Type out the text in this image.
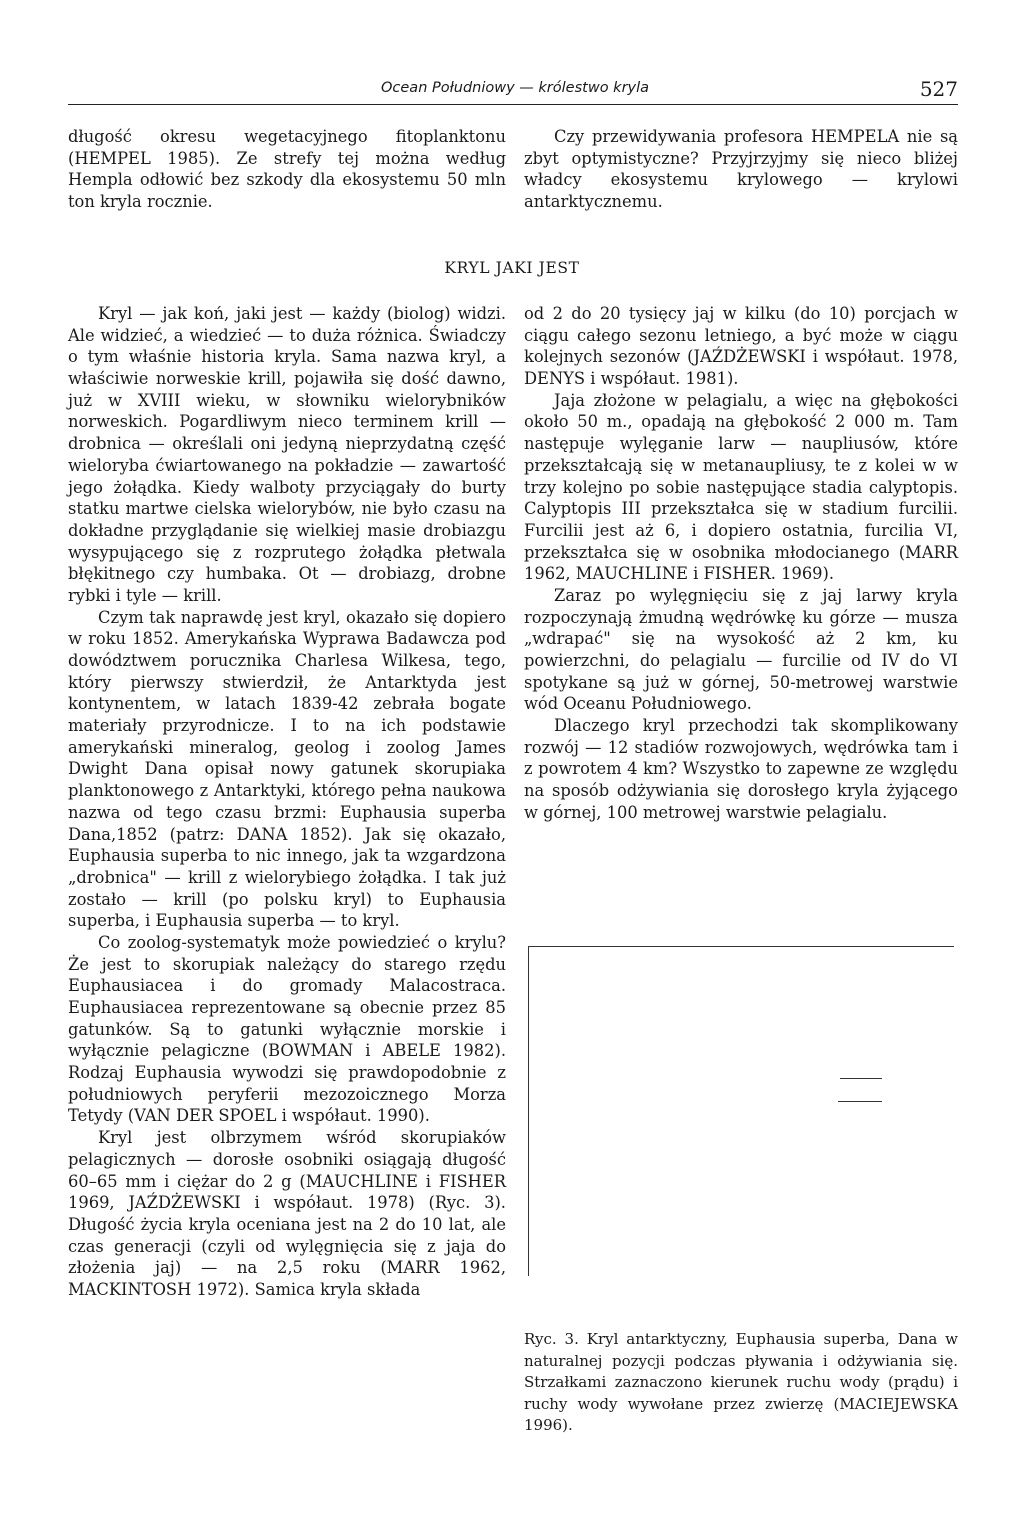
Ocean Południowy — królestwo kryla	527

długość okresu wegetacyjnego fitoplanktonu (HEMPEL 1985). Ze strefy tej można według Hempla odłowić bez szkody dla ekosystemu 50 mln ton kryla rocznie.

Czy przewidywania profesora HEMPELA nie są zbyt optymistyczne? Przyjrzyjmy się nieco bliżej władcy ekosystemu krylowego — krylowi antarktycznemu.

KRYL JAKI JEST

Kryl — jak koń, jaki jest — każdy (biolog) widzi. Ale widzieć, a wiedzieć — to duża różnica. Świadczy o tym właśnie historia kryla. Sama nazwa kryl, a właściwie norweskie krill, pojawiła się dość dawno, już w XVIII wieku, w słowniku wielorybników norweskich. Pogardliwym nieco terminem krill — drobnica — określali oni jedyną nieprzydatną część wieloryba ćwiartowanego na pokładzie — zawartość jego żołądka. Kiedy walboty przyciągały do burty statku martwe cielska wielorybów, nie było czasu na dokładne przyglądanie się wielkiej masie drobiazgu wysypującego się z rozprutego żołądka płetwala błękitnego czy humbaka. Ot — drobiazg, drobne rybki i tyle — krill.

Czym tak naprawdę jest kryl, okazało się dopiero w roku 1852. Amerykańska Wyprawa Badawcza pod dowództwem porucznika Charlesa Wilkesa, tego, który pierwszy stwierdził, że Antarktyda jest kontynentem, w latach 1839-42 zebrała bogate materiały przyrodnicze. I to na ich podstawie amerykański mineralog, geolog i zoolog James Dwight Dana opisał nowy gatunek skorupiaka planktonowego z Antarktyki, którego pełna naukowa nazwa od tego czasu brzmi: Euphausia superba Dana,1852 (patrz: DANA 1852). Jak się okazało, Euphausia superba to nic innego, jak ta wzgardzona „drobnica" — krill z wielorybiego żołądka. I tak już zostało — krill (po polsku kryl) to Euphausia superba, i Euphausia superba — to kryl.

Co zoolog-systematyk może powiedzieć o krylu? Że jest to skorupiak należący do starego rzędu Euphausiacea i do gromady Malacostraca. Euphausiacea reprezentowane są obecnie przez 85 gatunków. Są to gatunki wyłącznie morskie i wyłącznie pelagiczne (BOWMAN i ABELE 1982). Rodzaj Euphausia wywodzi się prawdopodobnie z południowych peryferii mezozoicznego Morza Tetydy (VAN DER SPOEL i współaut. 1990).

Kryl jest olbrzymem wśród skorupiaków pelagicznych — dorosłe osobniki osiągają długość 60–65 mm i ciężar do 2 g (MAUCHLINE i FISHER 1969, JAŹDŻEWSKI i współaut. 1978) (Ryc. 3). Długość życia kryla oceniana jest na 2 do 10 lat, ale czas generacji (czyli od wylęgnięcia się z jaja do złożenia jaj) — na 2,5 roku (MARR 1962, MACKINTOSH 1972). Samica kryla składa

od 2 do 20 tysięcy jaj w kilku (do 10) porcjach w ciągu całego sezonu letniego, a być może w ciągu kolejnych sezonów (JAŹDŻEWSKI i współaut. 1978, DENYS i współaut. 1981).

Jaja złożone w pelagialu, a więc na głębokości około 50 m., opadają na głębokość 2 000 m. Tam następuje wylęganie larw — naupliusów, które przekształcają się w metanaupliusy, te z kolei w w trzy kolejno po sobie następujące stadia calyptopis. Calyptopis III przekształca się w stadium furcilii. Furcilii jest aż 6, i dopiero ostatnia, furcilia VI, przekształca się w osobnika młodocianego (MARR 1962, MAUCHLINE i FISHER. 1969).

Zaraz po wylęgnięciu się z jaj larwy kryla rozpoczynają żmudną wędrówkę ku górze — musza „wdrapać" się na wysokość aż 2 km, ku powierzchni, do pelagialu — furcilie od IV do VI spotykane są już w górnej, 50-metrowej warstwie wód Oceanu Południowego.

Dlaczego kryl przechodzi tak skomplikowany rozwój — 12 stadiów rozwojowych, wędrówka tam i z powrotem 4 km? Wszystko to zapewne ze względu na sposób odżywiania się dorosłego kryla żyjącego w górnej, 100 metrowej warstwie pelagialu.

Ryc. 3. Kryl antarktyczny, Euphausia superba, Dana w naturalnej pozycji podczas pływania i odżywiania się. Strzałkami zaznaczono kierunek ruchu wody (prądu) i ruchy wody wywołane przez zwierzę (MACIEJEWSKA 1996).
